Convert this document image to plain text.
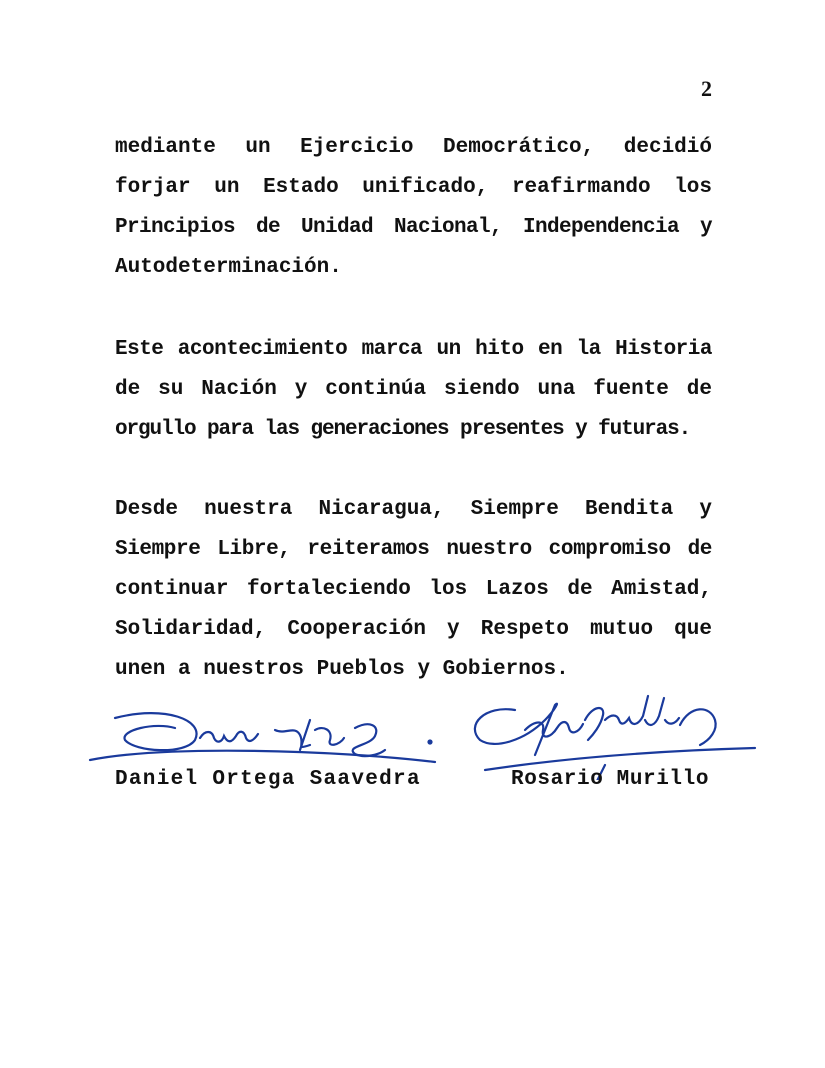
2
mediante un Ejercicio Democrático, decidió
forjar un Estado unificado, reafirmando los
Principios de Unidad Nacional, Independencia y
Autodeterminación.
Este acontecimiento marca un hito en la Historia
de su Nación y continúa siendo una fuente de
orgullo para las generaciones presentes y futuras.
Desde nuestra Nicaragua, Siempre Bendita y
Siempre Libre, reiteramos nuestro compromiso de
continuar fortaleciendo los Lazos de Amistad,
Solidaridad, Cooperación y Respeto mutuo que
unen a nuestros Pueblos y Gobiernos.
Daniel Ortega Saavedra	Rosario Murillo
